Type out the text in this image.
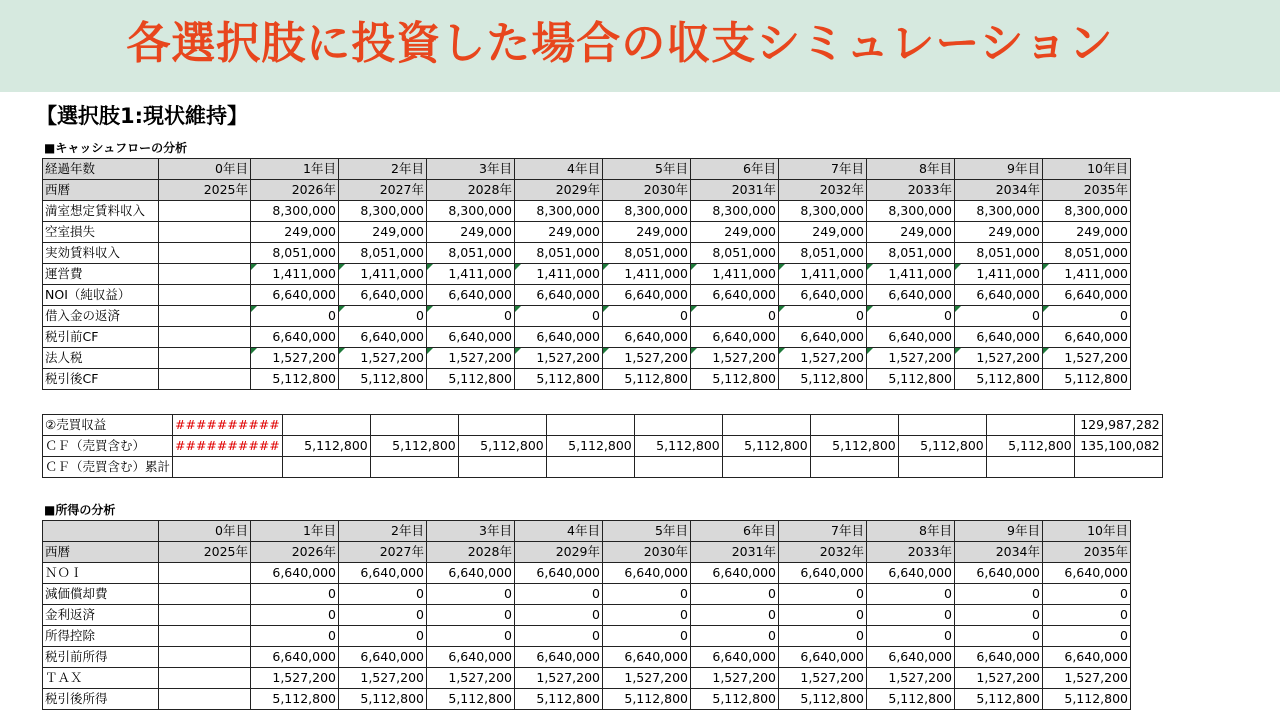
各選択肢に投資した場合の収支シミュレーション
【選択肢1:現状維持】
■キャッシュフローの分析
経過年数	0年目	1年目	2年目	3年目	4年目	5年目	6年目	7年目	8年目	9年目	10年目
西暦	2025年	2026年	2027年	2028年	2029年	2030年	2031年	2032年	2033年	2034年	2035年
満室想定賃料収入		8,300,000	8,300,000	8,300,000	8,300,000	8,300,000	8,300,000	8,300,000	8,300,000	8,300,000	8,300,000
空室損失		249,000	249,000	249,000	249,000	249,000	249,000	249,000	249,000	249,000	249,000
実効賃料収入		8,051,000	8,051,000	8,051,000	8,051,000	8,051,000	8,051,000	8,051,000	8,051,000	8,051,000	8,051,000
運営費		1,411,000	1,411,000	1,411,000	1,411,000	1,411,000	1,411,000	1,411,000	1,411,000	1,411,000	1,411,000
NOI（純収益）		6,640,000	6,640,000	6,640,000	6,640,000	6,640,000	6,640,000	6,640,000	6,640,000	6,640,000	6,640,000
借入金の返済		0	0	0	0	0	0	0	0	0	0
税引前CF		6,640,000	6,640,000	6,640,000	6,640,000	6,640,000	6,640,000	6,640,000	6,640,000	6,640,000	6,640,000
法人税		1,527,200	1,527,200	1,527,200	1,527,200	1,527,200	1,527,200	1,527,200	1,527,200	1,527,200	1,527,200
税引後CF		5,112,800	5,112,800	5,112,800	5,112,800	5,112,800	5,112,800	5,112,800	5,112,800	5,112,800	5,112,800
②売買収益	##########										129,987,282
ＣＦ（売買含む）	##########	5,112,800	5,112,800	5,112,800	5,112,800	5,112,800	5,112,800	5,112,800	5,112,800	5,112,800	135,100,082
ＣＦ（売買含む）累計											
■所得の分析
	0年目	1年目	2年目	3年目	4年目	5年目	6年目	7年目	8年目	9年目	10年目
西暦	2025年	2026年	2027年	2028年	2029年	2030年	2031年	2032年	2033年	2034年	2035年
ＮＯＩ		6,640,000	6,640,000	6,640,000	6,640,000	6,640,000	6,640,000	6,640,000	6,640,000	6,640,000	6,640,000
減価償却費		0	0	0	0	0	0	0	0	0	0
金利返済		0	0	0	0	0	0	0	0	0	0
所得控除		0	0	0	0	0	0	0	0	0	0
税引前所得		6,640,000	6,640,000	6,640,000	6,640,000	6,640,000	6,640,000	6,640,000	6,640,000	6,640,000	6,640,000
ＴＡＸ		1,527,200	1,527,200	1,527,200	1,527,200	1,527,200	1,527,200	1,527,200	1,527,200	1,527,200	1,527,200
税引後所得		5,112,800	5,112,800	5,112,800	5,112,800	5,112,800	5,112,800	5,112,800	5,112,800	5,112,800	5,112,800
